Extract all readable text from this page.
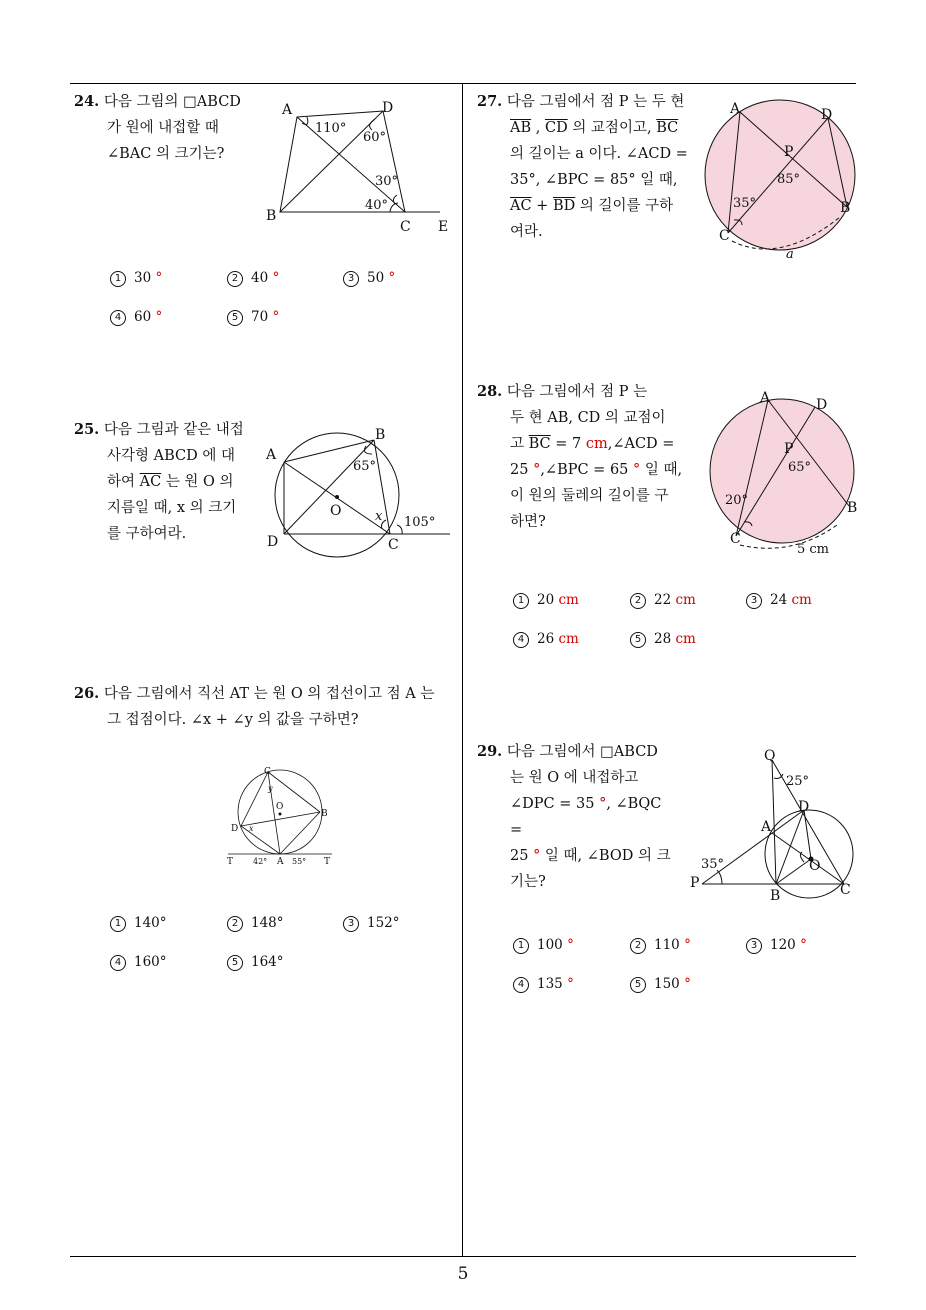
24. 다음 그림의 □ABCD

가 원에 내접할 때
∠BAC 의 크기는?
A	D
B
C E
110°
60°
30°
40°
1 30 °	2 40 °	3 50 °
4 60 °	5 70 °
25. 다음 그림과 같은 내접

사각형 ABCD 에 대
하여 $\overline{AC}$ 는 원 O 의
지름일 때, x 의 크기
를 구하여라.
A
B
C
D
O	x
65°
105°
26. 다음 그림에서 직선 AT 는 원 O 의 접선이고 점 A 는

그 접점이다. ∠x + ∠y 의 값을 구하면?
C
D
B
O
A
T	T
y
x
42°	55°
1 140°	2 148°	3 152°
4 160°	5 164°
27. 다음 그림에서 점 P 는 두 현

$\overline{AB}$ , $\overline{CD}$ 의 교점이고, $\overline{BC}$
의 길이는 a 이다. ∠ACD =
35°, ∠BPC = 85° 일 때,
$\overline{AC} + \overline{BD}$ 의 길이를 구하
여라.
A	D
P
B
C
85°
35°
a
28. 다음 그림에서 점 P 는

두 현 AB, CD 의 교점이
고 $\overline{BC} = 7$ cm,∠ACD =
25 °,∠BPC = 65 ° 일 때,
이 원의 둘레의 길이를 구
하면?
A	D
P
B
C
65°
20°
5 cm
1 20 cm	2 22 cm	3 24 cm
4 26 cm	5 28 cm
29. 다음 그림에서 □ABCD

는 원 O 에 내접하고
∠DPC = 35 °, ∠BQC =
25 ° 일 때, ∠BOD 의 크
기는?
Q
D
A
O
P
B	C
25°
35°
1 100 °	2 110 °	3 120 °
4 135 °	5 150 °
5
